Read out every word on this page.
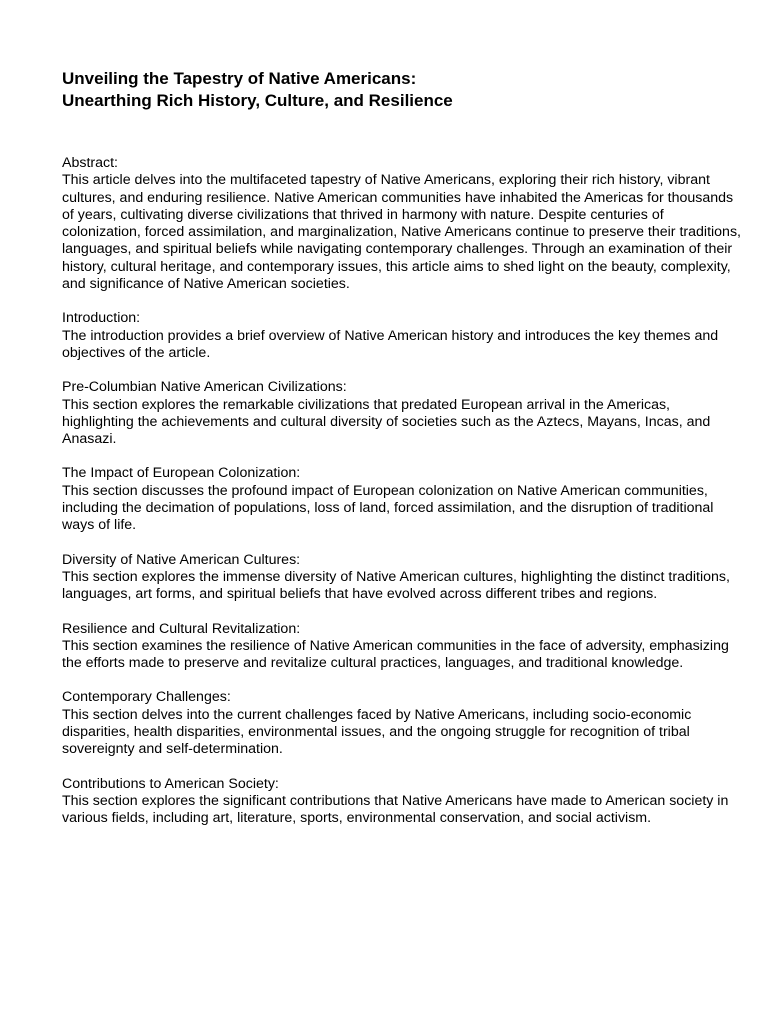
Unveiling the Tapestry of Native Americans:
Unearthing Rich History, Culture, and Resilience
Abstract:
This article delves into the multifaceted tapestry of Native Americans, exploring their rich history, vibrant cultures, and enduring resilience. Native American communities have inhabited the Americas for thousands of years, cultivating diverse civilizations that thrived in harmony with nature. Despite centuries of colonization, forced assimilation, and marginalization, Native Americans continue to preserve their traditions, languages, and spiritual beliefs while navigating contemporary challenges. Through an examination of their history, cultural heritage, and contemporary issues, this article aims to shed light on the beauty, complexity, and significance of Native American societies.
Introduction:
The introduction provides a brief overview of Native American history and introduces the key themes and objectives of the article.
Pre-Columbian Native American Civilizations:
This section explores the remarkable civilizations that predated European arrival in the Americas, highlighting the achievements and cultural diversity of societies such as the Aztecs, Mayans, Incas, and Anasazi.
The Impact of European Colonization:
This section discusses the profound impact of European colonization on Native American communities, including the decimation of populations, loss of land, forced assimilation, and the disruption of traditional ways of life.
Diversity of Native American Cultures:
This section explores the immense diversity of Native American cultures, highlighting the distinct traditions, languages, art forms, and spiritual beliefs that have evolved across different tribes and regions.
Resilience and Cultural Revitalization:
This section examines the resilience of Native American communities in the face of adversity, emphasizing the efforts made to preserve and revitalize cultural practices, languages, and traditional knowledge.
Contemporary Challenges:
This section delves into the current challenges faced by Native Americans, including socio-economic disparities, health disparities, environmental issues, and the ongoing struggle for recognition of tribal sovereignty and self-determination.
Contributions to American Society:
This section explores the significant contributions that Native Americans have made to American society in various fields, including art, literature, sports, environmental conservation, and social activism.
